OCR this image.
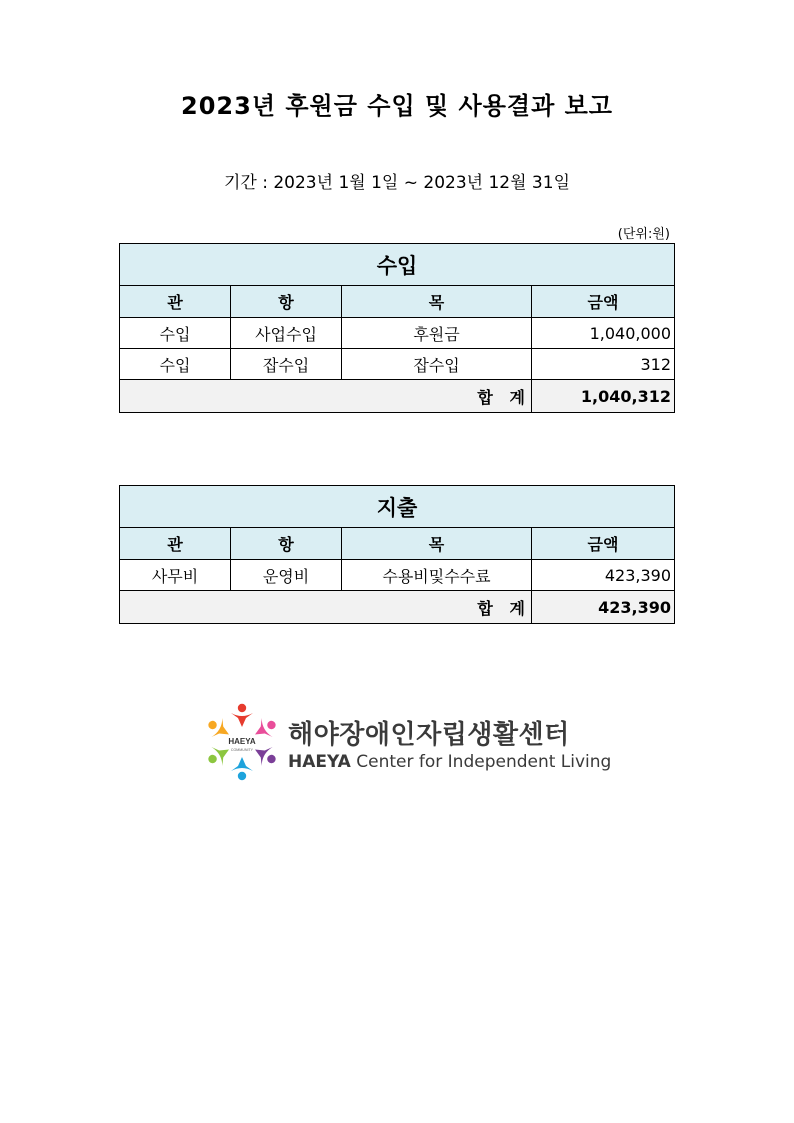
2023년 후원금 수입 및 사용결과 보고
기간 : 2023년 1월 1일 ~ 2023년 12월 31일
(단위:원)
수입			
관	항	목	금액
수입	사업수입	후원금	1,040,000
수입	잡수입	잡수입	312
합   계			1,040,312
지출			
관	항	목	금액
사무비	운영비	수용비및수수료	423,390
합   계			423,390
HAEYA
COMMUNITY 해야장애인자립생활센터
HAEYA Center for Independent Living
